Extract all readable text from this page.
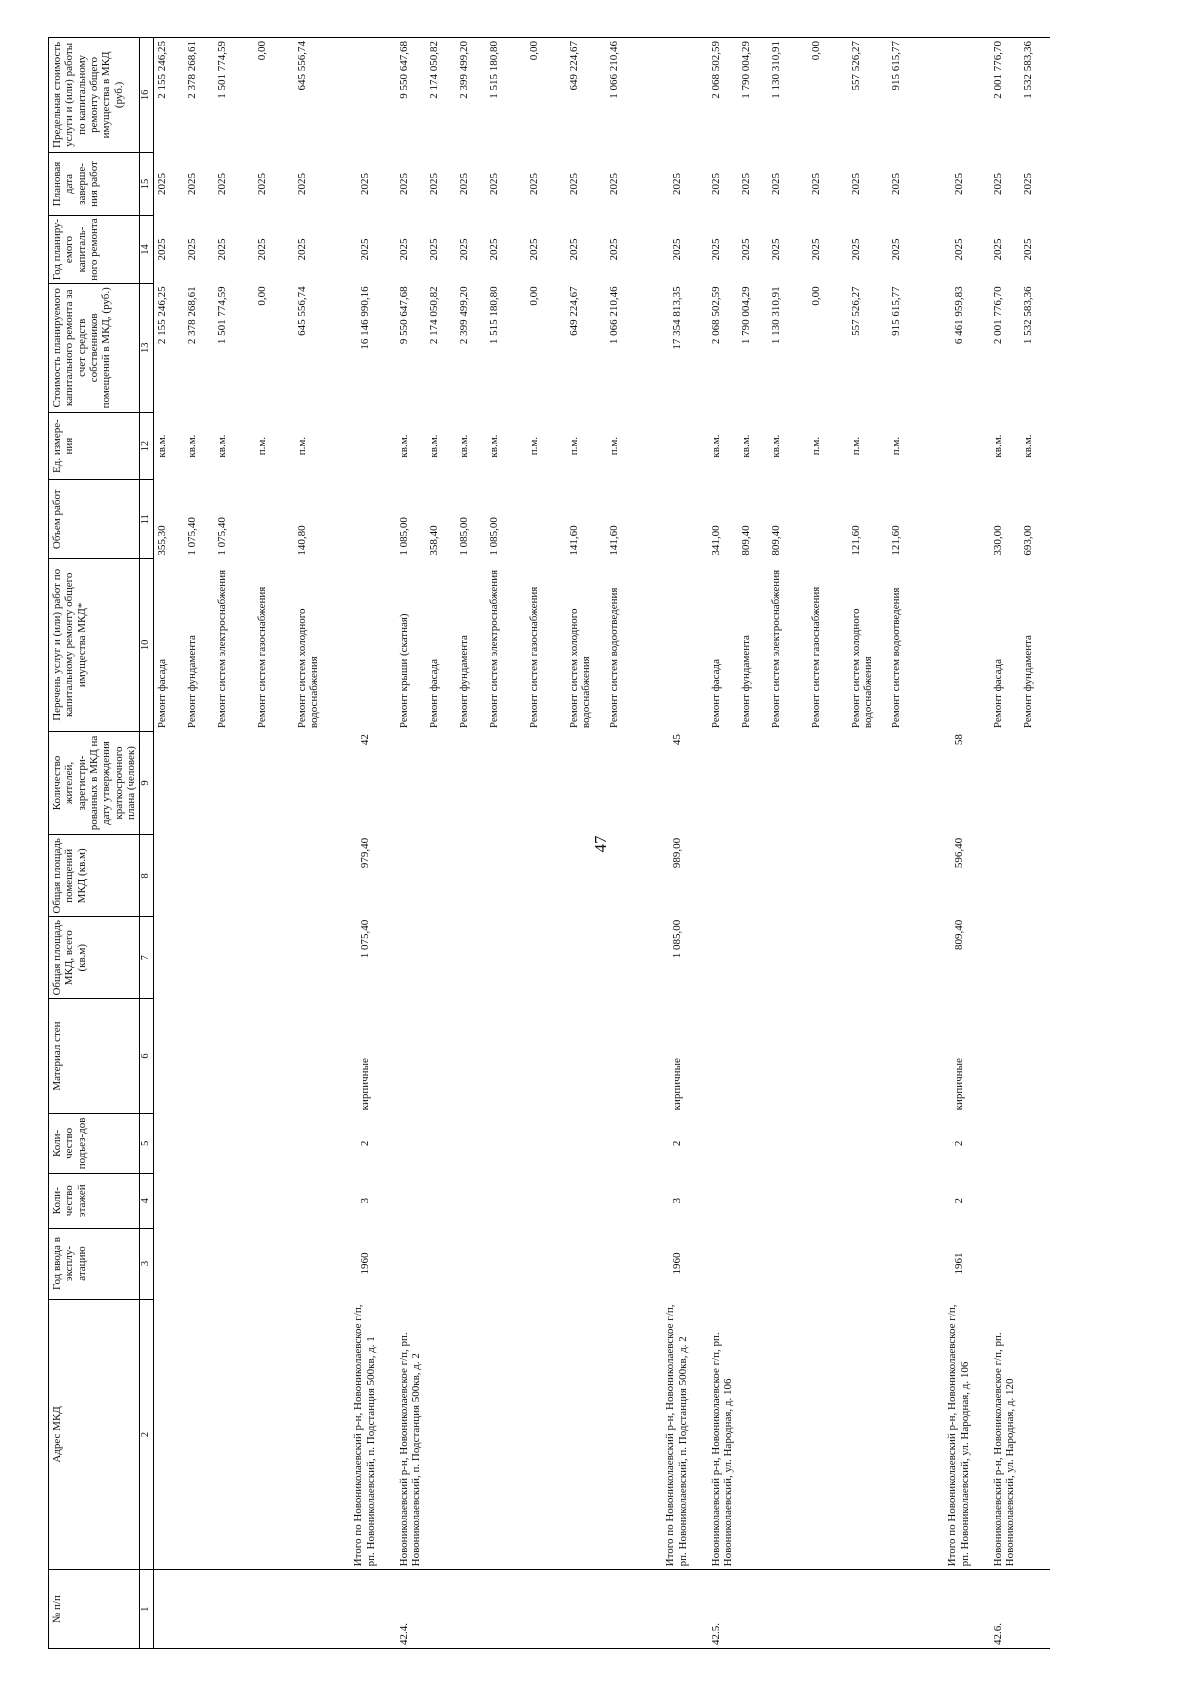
47
№ п/п	Адрес МКД	Год ввода в эксплу-атацию	Коли-чество этажей	Коли-чество подъез-дов	Материал стен	Общая площадь МКД, всего (кв.м)	Общая площадь помещений МКД (кв.м)	Количество жителей, зарегистри-рованных в МКД на дату утверждения краткосрочного плана (человек)	Перечень услуг и (или) работ по капитальному ремонту общего имущества МКД*	Объем работ	Ед. измере-ния	Стоимость планируемого капитального ремонта за счет средств собственников помещений в МКД, (руб.)	Год планиру-емого капиталь-ного ремонта	Плановая дата заверше-ния работ	Предельная стоимость услуги и (или) работы по капитальному ремонту общего имущества в МКД (руб.)
1	2	3	4	5	6	7	8	9	10	11	12	13	14	15	16
									Ремонт фасада	355,30	кв.м.	2 155 246,25	2025	2025	2 155 246,25
									Ремонт фундамента	1 075,40	кв.м.	2 378 268,61	2025	2025	2 378 268,61
									Ремонт систем электроснабжения	1 075,40	кв.м.	1 501 774,59	2025	2025	1 501 774,59
									Ремонт систем газоснабжения		п.м.	0,00	2025	2025	0,00
									Ремонт систем холодного водоснабжения	140,80	п.м.	645 556,74	2025	2025	645 556,74
	Итого по Новониколаевский р-н, Новониколаевское г/п, рп. Новониколаевский, п. Подстанция 500кв, д. 1	1960	3	2	кирпичные	1 075,40	979,40	42				16 146 990,16	2025	2025	
42.4.	Новониколаевский р-н, Новониколаевское г/п, рп. Новониколаевский, п. Подстанция 500кв, д. 2								Ремонт крыши (скатная)	1 085,00	кв.м.	9 550 647,68	2025	2025	9 550 647,68
									Ремонт фасада	358,40	кв.м.	2 174 050,82	2025	2025	2 174 050,82
									Ремонт фундамента	1 085,00	кв.м.	2 399 499,20	2025	2025	2 399 499,20
									Ремонт систем электроснабжения	1 085,00	кв.м.	1 515 180,80	2025	2025	1 515 180,80
									Ремонт систем газоснабжения		п.м.	0,00	2025	2025	0,00
									Ремонт систем холодного водоснабжения	141,60	п.м.	649 224,67	2025	2025	649 224,67
									Ремонт систем водоотведения	141,60	п.м.	1 066 210,46	2025	2025	1 066 210,46
	Итого по Новониколаевский р-н, Новониколаевское г/п, рп. Новониколаевский, п. Подстанция 500кв, д. 2	1960	3	2	кирпичные	1 085,00	989,00	45				17 354 813,35	2025	2025	
42.5.	Новониколаевский р-н, Новониколаевское г/п, рп. Новониколаевский, ул. Народная, д. 106								Ремонт фасада	341,00	кв.м.	2 068 502,59	2025	2025	2 068 502,59
									Ремонт фундамента	809,40	кв.м.	1 790 004,29	2025	2025	1 790 004,29
									Ремонт систем электроснабжения	809,40	кв.м.	1 130 310,91	2025	2025	1 130 310,91
									Ремонт систем газоснабжения		п.м.	0,00	2025	2025	0,00
									Ремонт систем холодного водоснабжения	121,60	п.м.	557 526,27	2025	2025	557 526,27
									Ремонт систем водоотведения	121,60	п.м.	915 615,77	2025	2025	915 615,77
	Итого по Новониколаевский р-н, Новониколаевское г/п, рп. Новониколаевский, ул. Народная, д. 106	1961	2	2	кирпичные	809,40	596,40	58				6 461 959,83	2025	2025	
42.6.	Новониколаевский р-н, Новониколаевское г/п, рп. Новониколаевский, ул. Народная, д. 120								Ремонт фасада	330,00	кв.м.	2 001 776,70	2025	2025	2 001 776,70
									Ремонт фундамента	693,00	кв.м.	1 532 583,36	2025	2025	1 532 583,36
